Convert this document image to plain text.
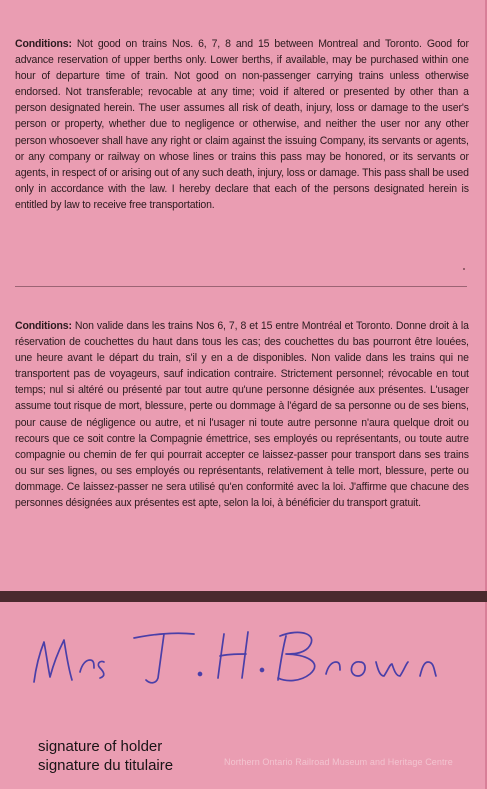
Conditions: Not good on trains Nos. 6, 7, 8 and 15 between Montreal and Toronto. Good for advance reservation of upper berths only. Lower berths, if available, may be purchased within one hour of departure time of train. Not good on non-passenger carrying trains unless otherwise endorsed. Not transferable; revocable at any time; void if altered or presented by other than a person designated herein. The user assumes all risk of death, injury, loss or damage to the user's person or property, whether due to negligence or otherwise, and neither the user nor any other person whosoever shall have any right or claim against the issuing Company, its servants or agents, or any company or railway on whose lines or trains this pass may be honored, or its servants or agents, in respect of or arising out of any such death, injury, loss or damage. This pass shall be used only in accordance with the law. I hereby declare that each of the persons designated herein is entitled by law to receive free transportation.
Conditions: Non valide dans les trains Nos 6, 7, 8 et 15 entre Montréal et Toronto. Donne droit à la réservation de couchettes du haut dans tous les cas; des couchettes du bas pourront être louées, une heure avant le départ du train, s'il y en a de disponibles. Non valide dans les trains qui ne transportent pas de voyageurs, sauf indication contraire. Strictement personnel; révocable en tout temps; nul si altéré ou présenté par tout autre qu'une personne désignée aux présentes. L'usager assume tout risque de mort, blessure, perte ou dommage à l'égard de sa personne ou de ses biens, pour cause de négligence ou autre, et ni l'usager ni toute autre personne n'aura quelque droit ou recours que ce soit contre la Compagnie émettrice, ses employés ou représentants, ou toute autre compagnie ou chemin de fer qui pourrait accepter ce laissez-passer pour transport dans ses trains ou sur ses lignes, ou ses employés ou représentants, relativement à telle mort, blessure, perte ou dommage. Ce laissez-passer ne sera utilisé qu'en conformité avec la loi. J'affirme que chacune des personnes désignées aux présentes est apte, selon la loi, à bénéficier du transport gratuit.
signature of holder
signature du titulaire	Northern Ontario Railroad Museum and Heritage Centre
